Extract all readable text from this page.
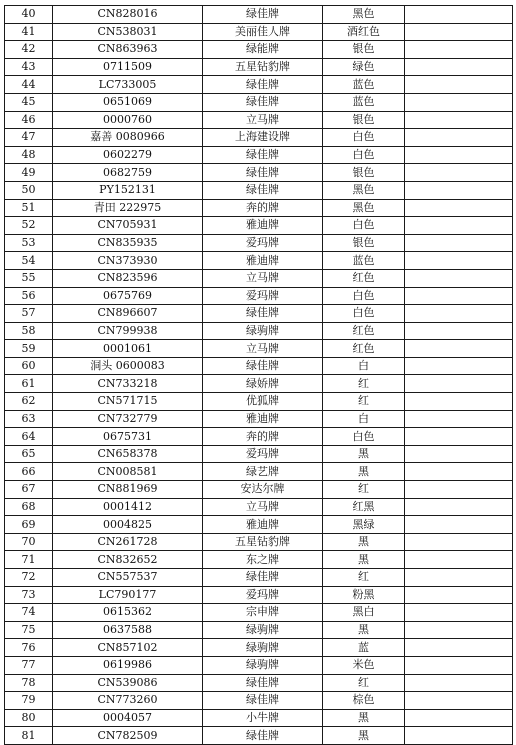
40	CN828016	绿佳牌	黑色	
41	CN538031	美丽佳人牌	酒红色	
42	CN863963	绿能牌	银色	
43	0711509	五星钻豹牌	绿色	
44	LC733005	绿佳牌	蓝色	
45	0651069	绿佳牌	蓝色	
46	0000760	立马牌	银色	
47	嘉善 0080966	上海建设牌	白色	
48	0602279	绿佳牌	白色	
49	0682759	绿佳牌	银色	
50	PY152131	绿佳牌	黑色	
51	青田 222975	奔的牌	黑色	
52	CN705931	雅迪牌	白色	
53	CN835935	爱玛牌	银色	
54	CN373930	雅迪牌	蓝色	
55	CN823596	立马牌	红色	
56	0675769	爱玛牌	白色	
57	CN896607	绿佳牌	白色	
58	CN799938	绿驹牌	红色	
59	0001061	立马牌	红色	
60	洞头 0600083	绿佳牌	白	
61	CN733218	绿娇牌	红	
62	CN571715	优狐牌	红	
63	CN732779	雅迪牌	白	
64	0675731	奔的牌	白色	
65	CN658378	爱玛牌	黑	
66	CN008581	绿艺牌	黑	
67	CN881969	安达尔牌	红	
68	0001412	立马牌	红黑	
69	0004825	雅迪牌	黑绿	
70	CN261728	五星钻豹牌	黑	
71	CN832652	东之牌	黑	
72	CN557537	绿佳牌	红	
73	LC790177	爱玛牌	粉黑	
74	0615362	宗申牌	黑白	
75	0637588	绿驹牌	黑	
76	CN857102	绿驹牌	蓝	
77	0619986	绿驹牌	米色	
78	CN539086	绿佳牌	红	
79	CN773260	绿佳牌	棕色	
80	0004057	小牛牌	黑	
81	CN782509	绿佳牌	黑	
